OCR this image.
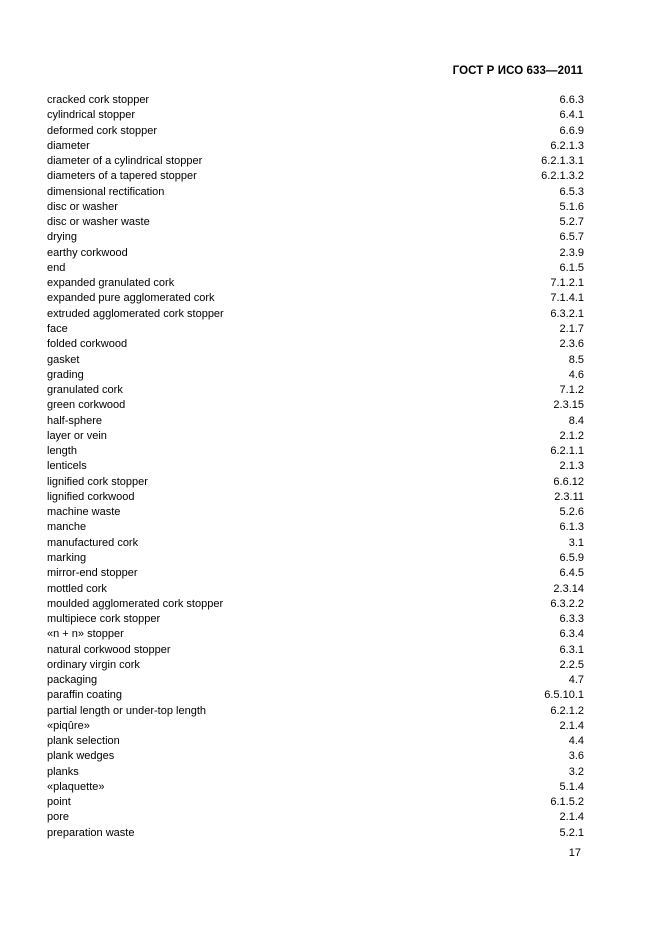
ГОСТ Р ИСО 633—2011
cracked cork stopper	6.6.3
cylindrical stopper	6.4.1
deformed cork stopper	6.6.9
diameter	6.2.1.3
diameter of a cylindrical stopper	6.2.1.3.1
diameters of a tapered stopper	6.2.1.3.2
dimensional rectification	6.5.3
disc or washer	5.1.6
disc or washer waste	5.2.7
drying	6.5.7
earthy corkwood	2.3.9
end	6.1.5
expanded granulated cork	7.1.2.1
expanded pure agglomerated cork	7.1.4.1
extruded agglomerated cork stopper	6.3.2.1
face	2.1.7
folded corkwood	2.3.6
gasket	8.5
grading	4.6
granulated cork	7.1.2
green corkwood	2.3.15
half-sphere	8.4
layer or vein	2.1.2
length	6.2.1.1
lenticels	2.1.3
lignified cork stopper	6.6.12
lignified corkwood	2.3.11
machine waste	5.2.6
manche	6.1.3
manufactured cork	3.1
marking	6.5.9
mirror-end stopper	6.4.5
mottled cork	2.3.14
moulded agglomerated cork stopper	6.3.2.2
multipiece cork stopper	6.3.3
«n + n» stopper	6.3.4
natural corkwood stopper	6.3.1
ordinary virgin cork	2.2.5
packaging	4.7
paraffin coating	6.5.10.1
partial length or under-top length	6.2.1.2
«piqûre»	2.1.4
plank selection	4.4
plank wedges	3.6
planks	3.2
«plaquette»	5.1.4
point	6.1.5.2
pore	2.1.4
preparation waste	5.2.1
17
